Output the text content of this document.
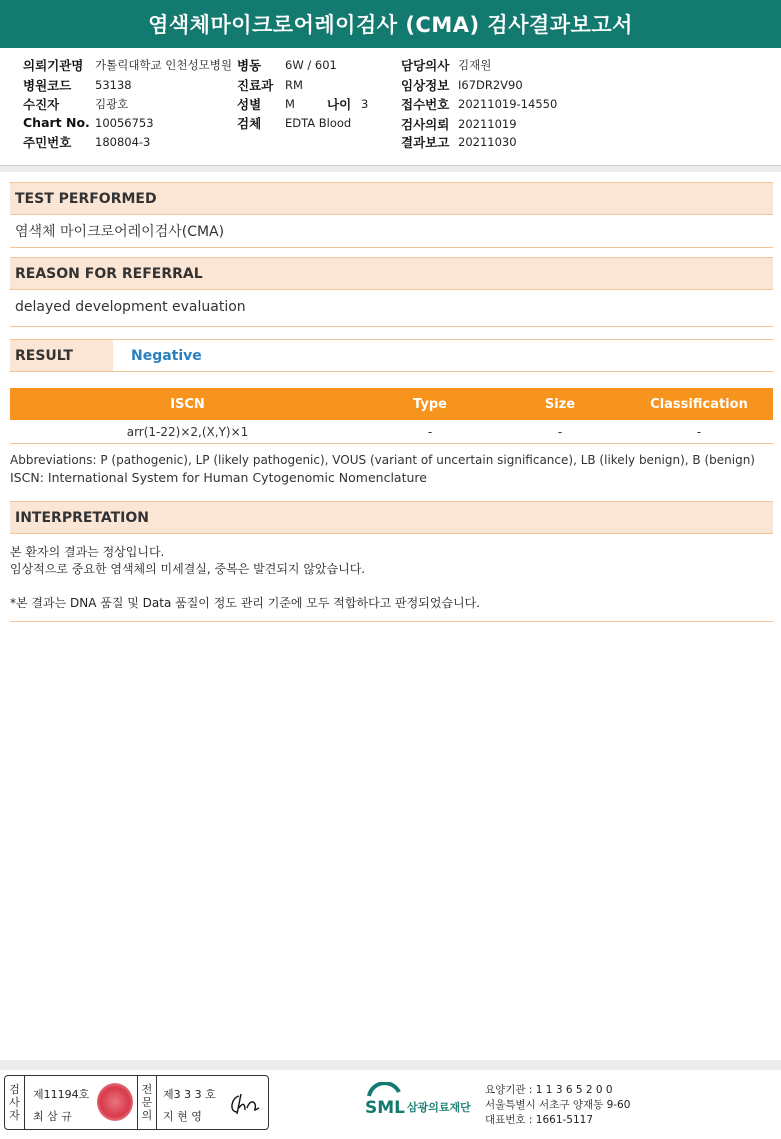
염색체마이크로어레이검사 (CMA) 검사결과보고서
의뢰기관명	가톨릭대학교 인천성모병원
병원코드	53138
수진자	김광호
Chart No. 10056753
주민번호	180804-3
병동	6W / 601
진료과	RM
성별	M	나이 3
검체	EDTA Blood
담당의사 김재원
임상정보 I67DR2V90
접수번호 20211019-14550
검사의뢰 20211019
결과보고 20211030
TEST PERFORMED
염색체 마이크로어레이검사(CMA)
REASON FOR REFERRAL
delayed development evaluation
RESULT	Negative
ISCN	Type	Size	Classification
arr(1-22)×2,(X,Y)×1	-	-	-
Abbreviations: P (pathogenic), LP (likely pathogenic), VOUS (variant of uncertain significance), LB (likely benign), B (benign)
ISCN: International System for Human Cytogenomic Nomenclature
INTERPRETATION
본 환자의 결과는 정상입니다.
임상적으로 중요한 염색체의 미세결실, 중복은 발견되지 않았습니다.
*본 결과는 DNA 품질 및 Data 품질이 정도 관리 기준에 모두 적합하다고 판정되었습니다.
검
사
자
제11194호
최 삼 규
전
문
의
제3 3 3 호
지 현 영	SML 삼광의료재단
요양기관 : 1 1 3 6 5 2 0 0
서울특별시 서초구 양재동 9-60
대표번호 : 1661-5117
